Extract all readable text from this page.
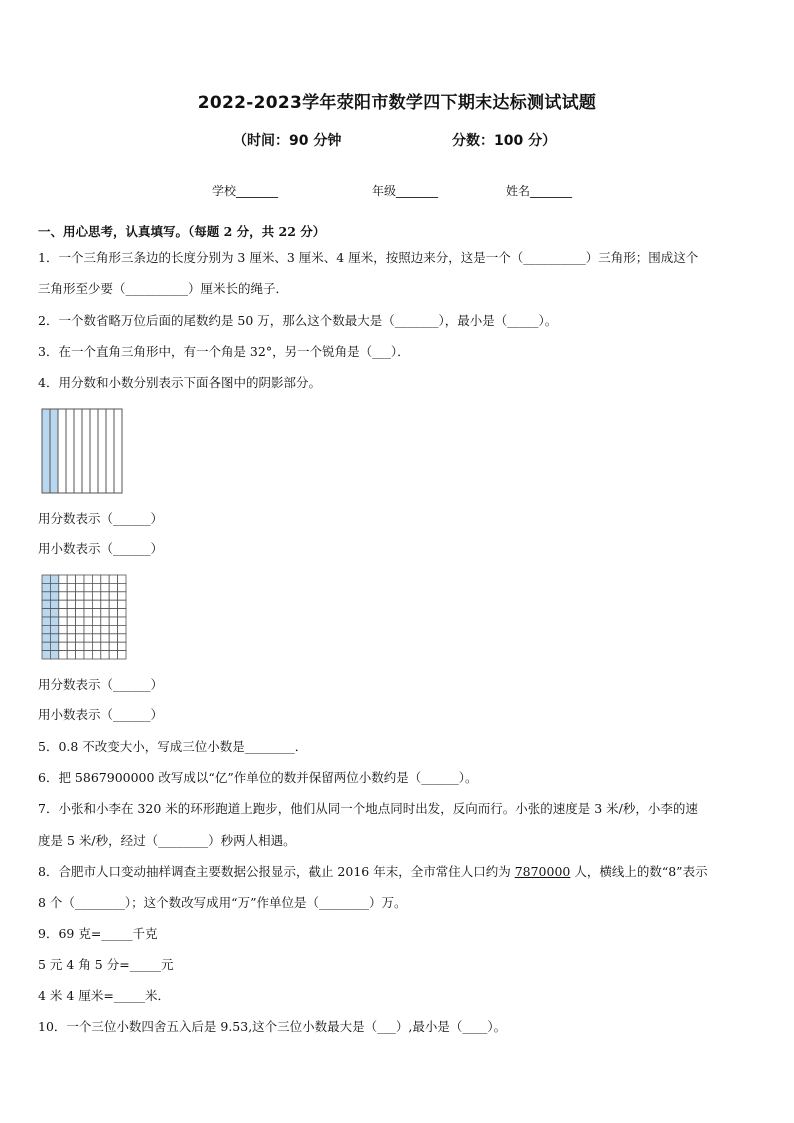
2022-2023学年荥阳市数学四下期末达标测试试题
（时间：90 分钟	分数：100 分）
学校_______	年级_______	姓名_______
一、用心思考，认真填写。（每题 2 分，共 22 分）
1．一个三角形三条边的长度分别为 3 厘米、3 厘米、4 厘米，按照边来分，这是一个（__________）三角形；围成这个
三角形至少要（__________）厘米长的绳子．
2．一个数省略万位后面的尾数约是 50 万，那么这个数最大是（_______），最小是（_____）。
3．在一个直角三角形中，有一个角是 32°，另一个锐角是（___）．
4．用分数和小数分别表示下面各图中的阴影部分。
用分数表示（______）
用小数表示（______）
用分数表示（______）
用小数表示（______）
5．0.8 不改变大小，写成三位小数是________．
6．把 5867900000 改写成以“亿”作单位的数并保留两位小数约是（______）。
7．小张和小李在 320 米的环形跑道上跑步，他们从同一个地点同时出发，反向而行。小张的速度是 3 米/秒，小李的速
度是 5 米/秒，经过（________）秒两人相遇。
8．合肥市人口变动抽样调查主要数据公报显示，截止 2016 年末，全市常住人口约为 7870000 人，横线上的数“8”表示
8 个（________）；这个数改写成用“万”作单位是（________）万。
9．69 克=_____千克
5 元 4 角 5 分=_____元
4 米 4 厘米=_____米．
10．一个三位小数四舍五入后是 9.53,这个三位小数最大是（___）,最小是（____）。
